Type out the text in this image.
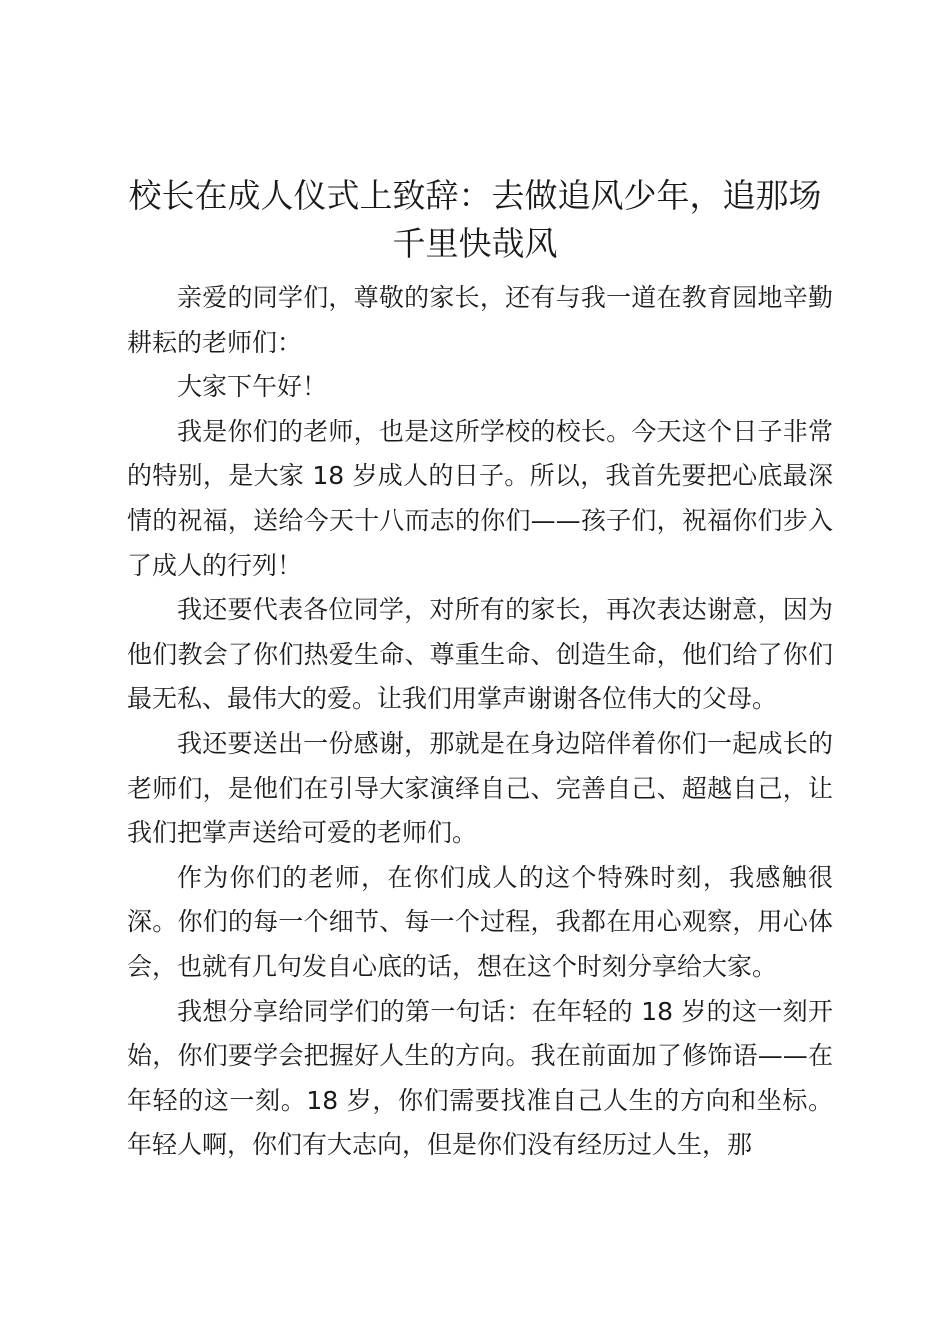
校长在成人仪式上致辞：去做追风少年，追那场千里快哉风

亲爱的同学们，尊敬的家长，还有与我一道在教育园地辛勤耕耘的老师们：

大家下午好！

我是你们的老师，也是这所学校的校长。今天这个日子非常的特别，是大家 18 岁成人的日子。所以，我首先要把心底最深情的祝福，送给今天十八而志的你们——孩子们，祝福你们步入了成人的行列！

我还要代表各位同学，对所有的家长，再次表达谢意，因为他们教会了你们热爱生命、尊重生命、创造生命，他们给了你们最无私、最伟大的爱。让我们用掌声谢谢各位伟大的父母。

我还要送出一份感谢，那就是在身边陪伴着你们一起成长的老师们，是他们在引导大家演绎自己、完善自己、超越自己，让我们把掌声送给可爱的老师们。

作为你们的老师，在你们成人的这个特殊时刻，我感触很深。你们的每一个细节、每一个过程，我都在用心观察，用心体会，也就有几句发自心底的话，想在这个时刻分享给大家。

我想分享给同学们的第一句话：在年轻的 18 岁的这一刻开始，你们要学会把握好人生的方向。我在前面加了修饰语——在年轻的这一刻。18 岁，你们需要找准自己人生的方向和坐标。年轻人啊，你们有大志向，但是你们没有经历过人生，那
